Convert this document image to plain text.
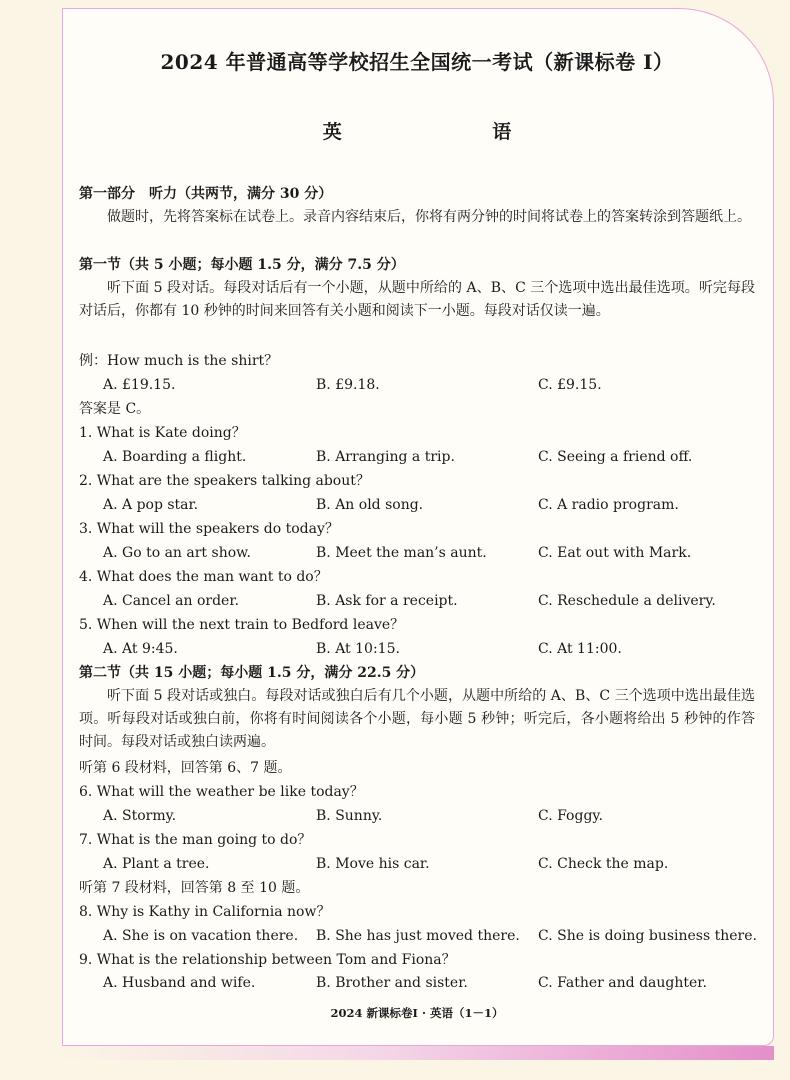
2024 年普通高等学校招生全国统一考试（新课标卷 Ⅰ）
英 语
第一部分　听力（共两节，满分 30 分）
做题时，先将答案标在试卷上。录音内容结束后，你将有两分钟的时间将试卷上的答案转涂到答题纸上。
第一节（共 5 小题；每小题 1.5 分，满分 7.5 分）
听下面 5 段对话。每段对话后有一个小题，从题中所给的 A、B、C 三个选项中选出最佳选项。听完每段对话后，你都有 10 秒钟的时间来回答有关小题和阅读下一小题。每段对话仅读一遍。
例：How much is the shirt？
A. £19.15.	B. £9.18.	C. £9.15.
答案是 C。
1. What is Kate doing？
A. Boarding a flight.	B. Arranging a trip.	C. Seeing a friend off.
2. What are the speakers talking about？
A. A pop star.	B. An old song.	C. A radio program.
3. What will the speakers do today？
A. Go to an art show.	B. Meet the man’s aunt.	C. Eat out with Mark.
4. What does the man want to do？
A. Cancel an order.	B. Ask for a receipt.	C. Reschedule a delivery.
5. When will the next train to Bedford leave？
A. At 9:45.	B. At 10:15.	C. At 11:00.
第二节（共 15 小题；每小题 1.5 分，满分 22.5 分）
听下面 5 段对话或独白。每段对话或独白后有几个小题，从题中所给的 A、B、C 三个选项中选出最佳选项。听每段对话或独白前，你将有时间阅读各个小题，每小题 5 秒钟；听完后，各小题将给出 5 秒钟的作答时间。每段对话或独白读两遍。
听第 6 段材料，回答第 6、7 题。
6. What will the weather be like today？
A. Stormy.	B. Sunny.	C. Foggy.
7. What is the man going to do？
A. Plant a tree.	B. Move his car.	C. Check the map.
听第 7 段材料，回答第 8 至 10 题。
8. Why is Kathy in California now？
A. She is on vacation there. B. She has just moved there. C. She is doing business there.
9. What is the relationship between Tom and Fiona？
A. Husband and wife.	B. Brother and sister.	C. Father and daughter.
2024 新课标卷Ⅰ · 英语（1－1）
